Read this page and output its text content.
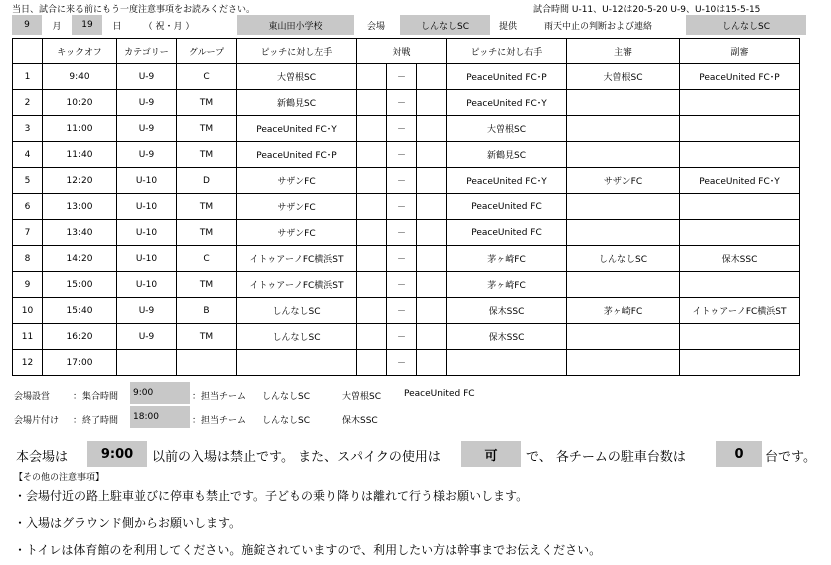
当日、試合に来る前にもう一度注意事項をお読みください。	試合時間 U-11、U-12は20-5-20 U-9、U-10は15-5-15
9	月	19	日	（ 祝・月 ）	東山田小学校	会場	しんなしSC	提供	雨天中止の判断および連絡	しんなしSC
	キックオフ	カテゴリー	グループ	ピッチに対し左手	対戦			ピッチに対し右手	主審	副審
1	9:40	U-9	C	大曽根SC		－		PeaceUnited FC･P	大曽根SC	PeaceUnited FC･P
2	10:20	U-9	TM	新鶴見SC		－		PeaceUnited FC･Y		
3	11:00	U-9	TM	PeaceUnited FC･Y		－		大曽根SC		
4	11:40	U-9	TM	PeaceUnited FC･P		－		新鶴見SC		
5	12:20	U-10	D	サザンFC		－		PeaceUnited FC･Y	サザンFC	PeaceUnited FC･Y
6	13:00	U-10	TM	サザンFC		－		PeaceUnited FC		
7	13:40	U-10	TM	サザンFC		－		PeaceUnited FC		
8	14:20	U-10	C	イトゥアーノFC横浜ST		－		茅ヶ崎FC	しんなしSC	保木SSC
9	15:00	U-10	TM	イトゥアーノFC横浜ST		－		茅ヶ崎FC		
10	15:40	U-9	B	しんなしSC		－		保木SSC	茅ヶ崎FC	イトゥアーノFC横浜ST
11	16:20	U-9	TM	しんなしSC		－		保木SSC		
12	17:00					－				
会場設営	：集合時間	9:00	：担当チーム しんなしSC	大曽根SC	PeaceUnited FC
会場片付け ：終了時間	18:00	：担当チーム しんなしSC	保木SSC
本会場は	9:00	以前の入場は禁止です。 また、スパイクの使用は	可	で、 各チームの駐車台数は	0	台です。
【その他の注意事項】
・会場付近の路上駐車並びに停車も禁止です。子どもの乗り降りは離れて行う様お願いします。
・入場はグラウンド側からお願いします。
・トイレは体育館のを利用してください。施錠されていますので、利用したい方は幹事までお伝えください。
